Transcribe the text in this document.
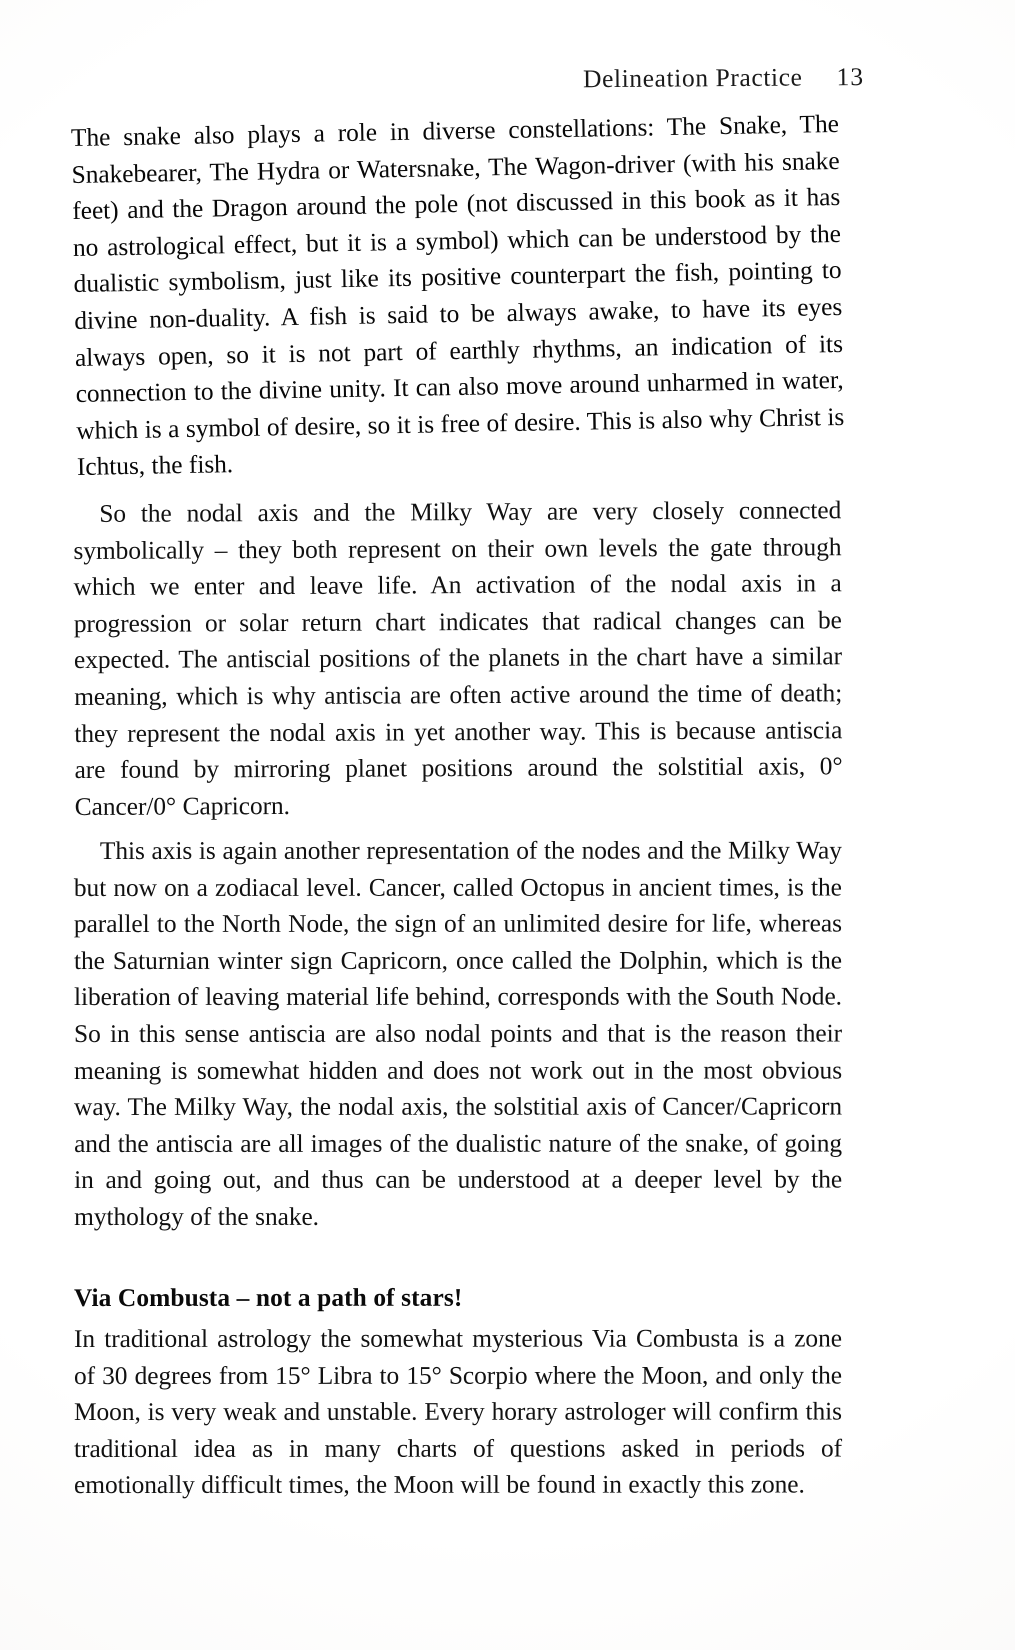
Delineation Practice 13

The snake also plays a role in diverse constellations: The Snake, The Snakebearer, The Hydra or Watersnake, The Wagon-driver (with his snake feet) and the Dragon around the pole (not discussed in this book as it has no astrological effect, but it is a symbol) which can be understood by the dualistic symbolism, just like its positive counterpart the fish, pointing to divine non-duality. A fish is said to be always awake, to have its eyes always open, so it is not part of earthly rhythms, an indication of its connection to the divine unity. It can also move around unharmed in water, which is a symbol of desire, so it is free of desire. This is also why Christ is Ichtus, the fish.

So the nodal axis and the Milky Way are very closely connected symbolically – they both represent on their own levels the gate through which we enter and leave life. An activation of the nodal axis in a progression or solar return chart indicates that radical changes can be expected. The antiscial positions of the planets in the chart have a similar meaning, which is why antiscia are often active around the time of death; they represent the nodal axis in yet another way. This is because antiscia are found by mirroring planet positions around the solstitial axis, 0° Cancer/0° Capricorn.

This axis is again another representation of the nodes and the Milky Way but now on a zodiacal level. Cancer, called Octopus in ancient times, is the parallel to the North Node, the sign of an unlimited desire for life, whereas the Saturnian winter sign Capricorn, once called the Dolphin, which is the liberation of leaving material life behind, corresponds with the South Node. So in this sense antiscia are also nodal points and that is the reason their meaning is somewhat hidden and does not work out in the most obvious way. The Milky Way, the nodal axis, the solstitial axis of Cancer/Capricorn and the antiscia are all images of the dualistic nature of the snake, of going in and going out, and thus can be understood at a deeper level by the mythology of the snake.

Via Combusta – not a path of stars!

In traditional astrology the somewhat mysterious Via Combusta is a zone of 30 degrees from 15° Libra to 15° Scorpio where the Moon, and only the Moon, is very weak and unstable. Every horary astrologer will confirm this traditional idea as in many charts of questions asked in periods of emotionally difficult times, the Moon will be found in exactly this zone.
